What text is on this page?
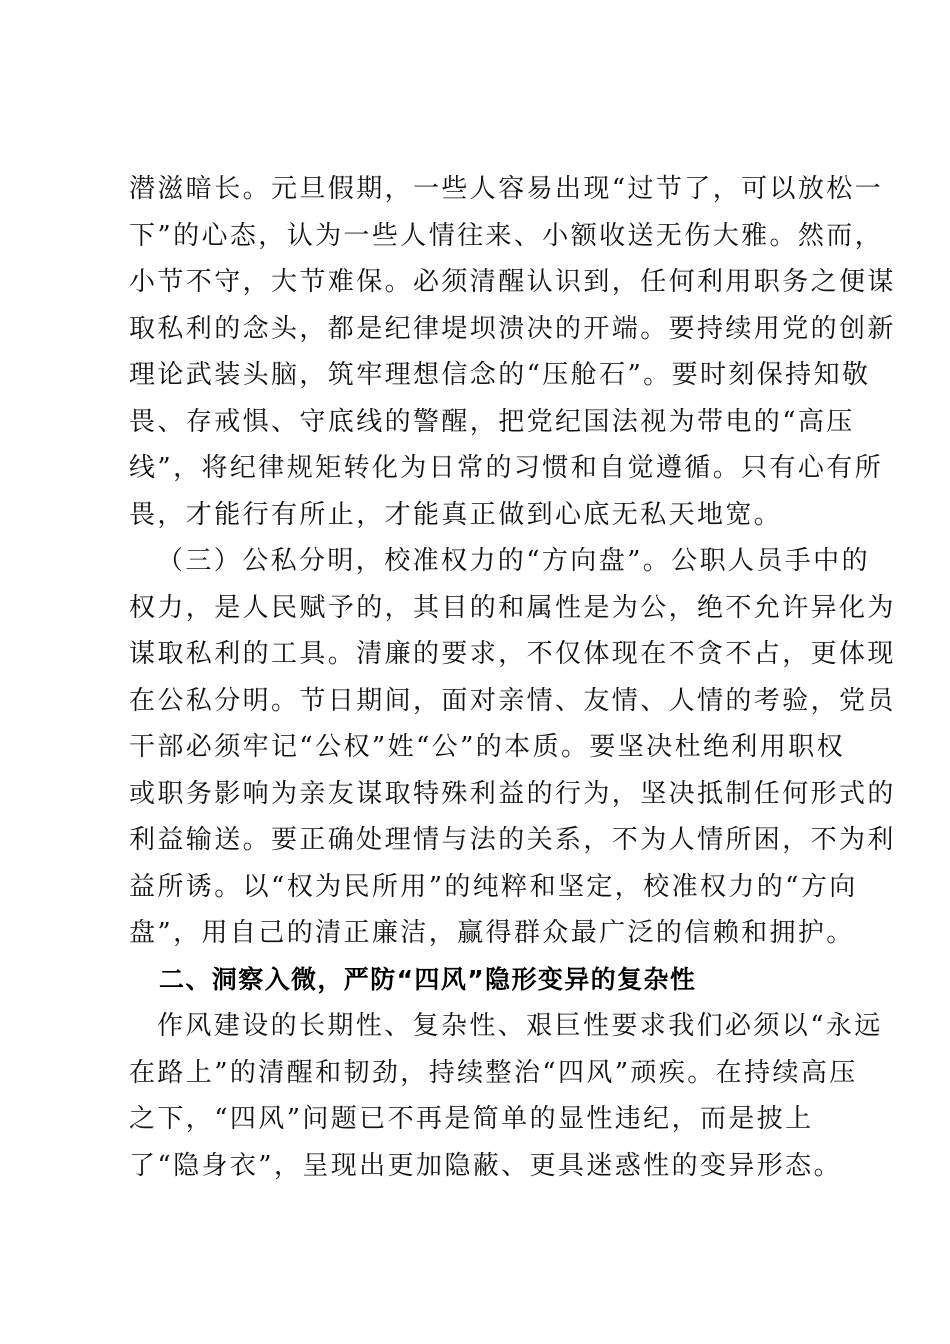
潜滋暗长。元旦假期，一些人容易出现“过节了，可以放松一
下”的心态，认为一些人情往来、小额收送无伤大雅。然而，
小节不守，大节难保。必须清醒认识到，任何利用职务之便谋
取私利的念头，都是纪律堤坝溃决的开端。要持续用党的创新
理论武装头脑，筑牢理想信念的“压舱石”。要时刻保持知敬
畏、存戒惧、守底线的警醒，把党纪国法视为带电的“高压
线”，将纪律规矩转化为日常的习惯和自觉遵循。只有心有所
畏，才能行有所止，才能真正做到心底无私天地宽。
（三）公私分明，校准权力的“方向盘”。公职人员手中的
权力，是人民赋予的，其目的和属性是为公，绝不允许异化为
谋取私利的工具。清廉的要求，不仅体现在不贪不占，更体现
在公私分明。节日期间，面对亲情、友情、人情的考验，党员
干部必须牢记“公权”姓“公”的本质。要坚决杜绝利用职权
或职务影响为亲友谋取特殊利益的行为，坚决抵制任何形式的
利益输送。要正确处理情与法的关系，不为人情所困，不为利
益所诱。以“权为民所用”的纯粹和坚定，校准权力的“方向
盘”，用自己的清正廉洁，赢得群众最广泛的信赖和拥护。
二、洞察入微，严防“四风”隐形变异的复杂性
作风建设的长期性、复杂性、艰巨性要求我们必须以“永远
在路上”的清醒和韧劲，持续整治“四风”顽疾。在持续高压
之下，“四风”问题已不再是简单的显性违纪，而是披上
了“隐身衣”，呈现出更加隐蔽、更具迷惑性的变异形态。
